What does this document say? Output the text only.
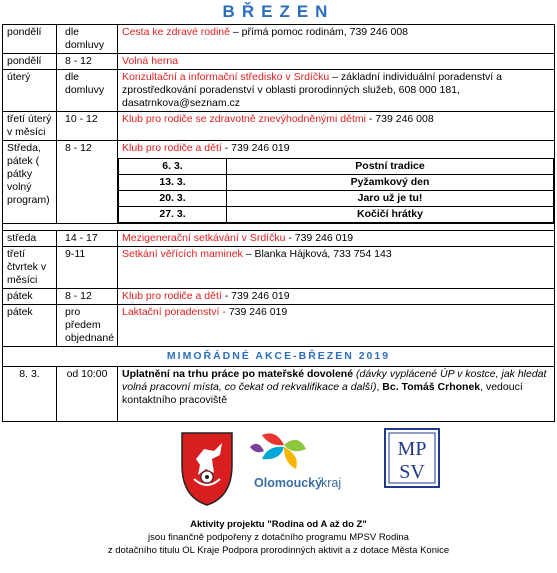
BŘEZEN
pondělí	dle domluvy	Cesta ke zdravé rodině – přímá pomoc rodinám, 739 246 008
pondělí	8 - 12	Volná herna
úterý	dle domluvy	Konzultační a informační středisko v Srdíčku – základní individuální poradenství a zprostředkování poradenství v oblasti prorodinných služeb, 608 000 181, dasatrnkova@seznam.cz
třetí úterý v měsíci	10 - 12	Klub pro rodiče se zdravotně znevýhodněnými dětmi - 739 246 008
Středa, pátek ( pátky volný program)	8 - 12	Klub pro rodiče a dětí - 739 246 019
6. 3.	Postní tradice
13. 3.	Pyžamkový den
20. 3.	Jaro už je tu!
27. 3.	Kočičí hrátky

středa	14 - 17	Mezigenerační setkávání v Srdíčku - 739 246 019
třetí čtvrtek v měsíci	9-11	Setkání věřících maminek – Blanka Hájková, 733 754 143
pátek	8 - 12	Klub pro rodiče a dětí - 739 246 019
pátek	pro předem objednané	Laktační poradenství - 739 246 019
MIMOŘÁDNÉ AKCE-BŘEZEN 2019
8. 3.	od 10:00	Uplatnění na trhu práce po mateřské dovolené (dávky vyplácené ÚP v kostce, jak hledat volná pracovní místa, co čekat od rekvalifikace a další), Bc. Tomáš Crhonek, vedoucí kontaktního pracoviště
Olomoucký
kraj
MP
SV
Aktivity projektu "Rodina od A až do Z"
jsou finančně podpořeny z dotačního programu MPSV Rodina
z dotačního titulu OL Kraje Podpora prorodinných aktivit a z dotace Města Konice
